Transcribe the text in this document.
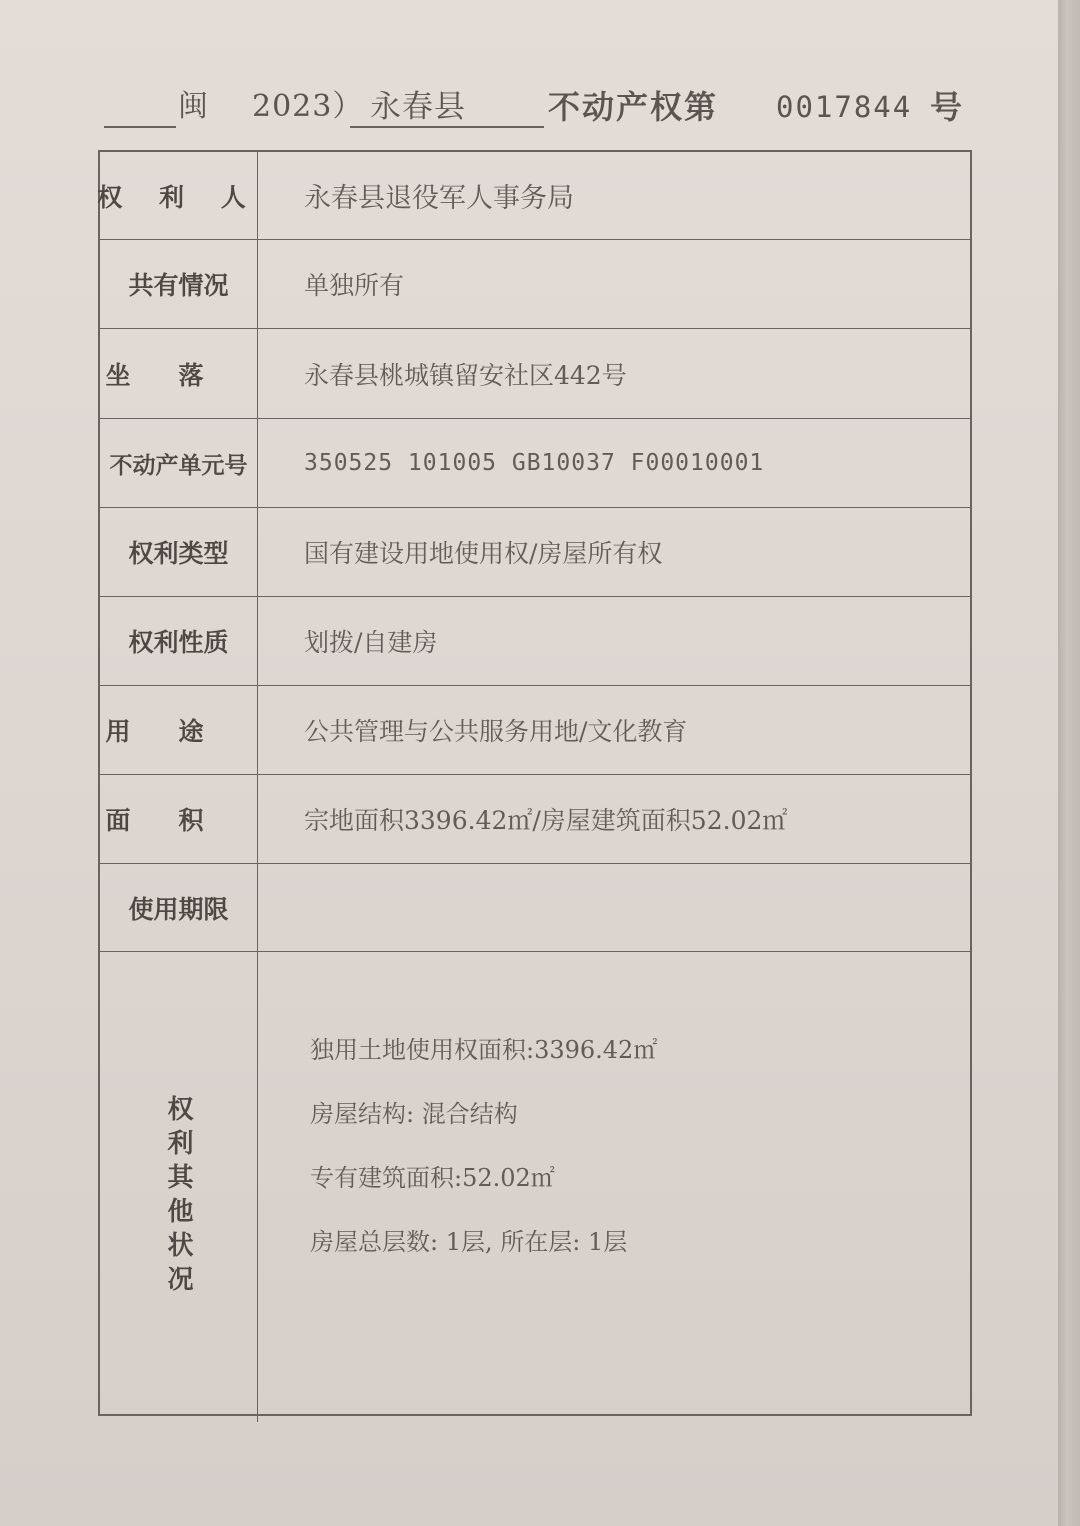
闽 2023） 永春县	不动产权第 0017844 号
权 利 人	永春县退役军人事务局
共有情况	单独所有
坐落	永春县桃城镇留安社区442号
不动产单元号	350525 101005 GB10037 F00010001
权利类型	国有建设用地使用权/房屋所有权
权利性质	划拨/自建房
用途	公共管理与公共服务用地/文化教育
面积	宗地面积3396.42㎡/房屋建筑面积52.02㎡
使用期限
权利其他状况
独用土地使用权面积:3396.42㎡
房屋结构: 混合结构
专有建筑面积:52.02㎡
房屋总层数: 1层, 所在层: 1层
